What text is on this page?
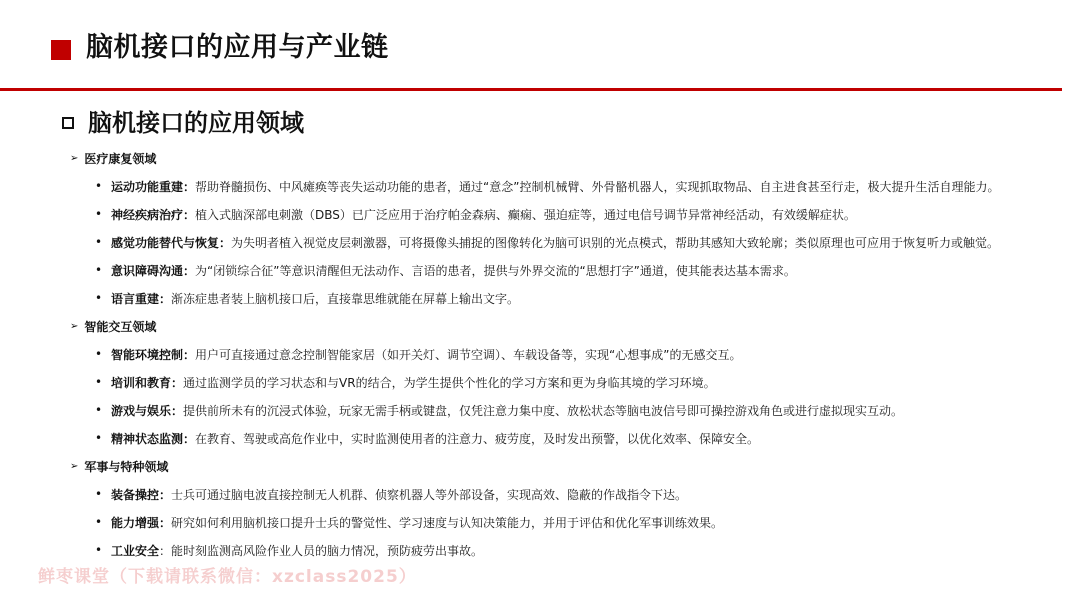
脑机接口的应用与产业链
脑机接口的应用领域
➢ 医疗康复领域
• 运动功能重建： 帮助脊髓损伤、中风瘫痪等丧失运动功能的患者，通过“意念”控制机械臂、外骨骼机器人，实现抓取物品、自主进食甚至行走，极大提升生活自理能力。
• 神经疾病治疗： 植入式脑深部电刺激（DBS）已广泛应用于治疗帕金森病、癫痫、强迫症等，通过电信号调节异常神经活动，有效缓解症状。
• 感觉功能替代与恢复： 为失明者植入视觉皮层刺激器，可将摄像头捕捉的图像转化为脑可识别的光点模式，帮助其感知大致轮廓；类似原理也可应用于恢复听力或触觉。
• 意识障碍沟通： 为“闭锁综合征”等意识清醒但无法动作、言语的患者，提供与外界交流的“思想打字”通道，使其能表达基本需求。
• 语言重建： 渐冻症患者装上脑机接口后，直接靠思维就能在屏幕上输出文字。
➢ 智能交互领域
• 智能环境控制： 用户可直接通过意念控制智能家居（如开关灯、调节空调）、车载设备等，实现“心想事成”的无感交互。
• 培训和教育： 通过监测学员的学习状态和与VR的结合，为学生提供个性化的学习方案和更为身临其境的学习环境。
• 游戏与娱乐： 提供前所未有的沉浸式体验，玩家无需手柄或键盘，仅凭注意力集中度、放松状态等脑电波信号即可操控游戏角色或进行虚拟现实互动。
• 精神状态监测： 在教育、驾驶或高危作业中，实时监测使用者的注意力、疲劳度，及时发出预警，以优化效率、保障安全。
➢ 军事与特种领域
• 装备操控： 士兵可通过脑电波直接控制无人机群、侦察机器人等外部设备，实现高效、隐蔽的作战指令下达。
• 能力增强： 研究如何利用脑机接口提升士兵的警觉性、学习速度与认知决策能力，并用于评估和优化军事训练效果。
• 工业安全 ：能时刻监测高风险作业人员的脑力情况，预防疲劳出事故。
鲜枣课堂（下载请联系微信：xzclass2025）
